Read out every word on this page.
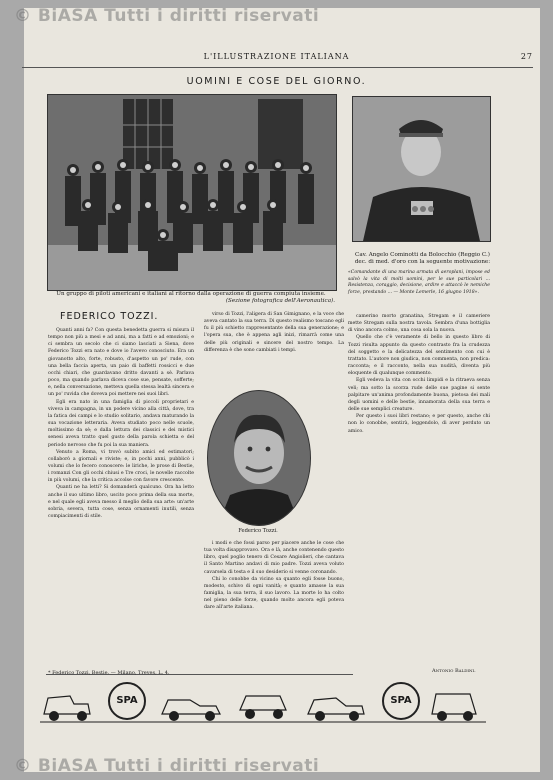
© BiASA Tutti i diritti riservati
L'ILLUSTRAZIONE ITALIANA	27
UOMINI E COSE DEL GIORNO.
Un gruppo di piloti americani e italiani al ritorno dalla operazione di guerra compiuta insieme.
(Sezione fotografica dell'Aeronautica).
Cav. Angelo Cominotti da Bolocchio (Reggio C.)
dec. di med. d'oro con la seguente motivazione:
«Comandante di una marina armata di aeroplani, impose ed salvò la vita di molti uomini, per le sue particolari ... Resistenza, coraggio, decisione, ardire e attaccò le nemiche forze, prestando ... — Monte Lemerle, 16 giugno 1918».
FEDERICO TOZZI.

Quanti anni fa? Con questa benedetta guerra si misura il tempo non più a mesi e ad anni, ma a fatti e ad emozioni; e ci sembra un secolo che ci siamo lasciati a Siena, dove Federico Tozzi era nato e dove io l'avevo conosciuto. Era un giovanotto alto, forte, robusto, d'aspetto un po' rude, con una bella faccia aperta, un paio di baffetti rossicci e due occhi chiari, che guardavano dritto davanti a sè. Parlava poco, ma quando parlava diceva cose sue, pensate, sofferte; e, nella conversazione, metteva quella stessa lealtà sincera e un po' ruvida che doveva poi mettere nei suoi libri.

Egli era nato in una famiglia di piccoli proprietari e viveva in campagna, in un podere vicino alla città, dove, tra la fatica dei campi e lo studio solitario, andava maturando la sua vocazione letteraria. Aveva studiato poco nelle scuole, moltissimo da sè; e dalla lettura dei classici e dei mistici senesi aveva tratto quel gusto della parola schietta e del periodo nervoso che fu poi la sua maniera.

Venuto a Roma, vi trovò subito amici ed estimatori; collaborò a giornali e riviste; e, in pochi anni, pubblicò i volumi che lo fecero conoscere: le liriche, le prose di Bestie, i romanzi Con gli occhi chiusi e Tre croci, le novelle raccolte in più volumi, che la critica accolse con favore crescente.

Quanti ne ha letti? Si domanderà qualcuno. Ora ha letto anche il suo ultimo libro, uscito poco prima della sua morte, e nel quale egli aveva messo il meglio della sua arte: un'arte sobria, severa, tutta cose, senza ornamenti inutili, senza compiacimenti di stile.

virso di Tozzi, l'aligera di San Gimignano, e la voce che aveva cantato la sua terra. Di questo realismo toscano egli fu il più schietto rappresentante della sua generazione; e l'opera sua, che è appena agli inizi, rimarrà come una delle più originali e sincere del nostro tempo. La differenza è che sono cambiati i tempi.

Federico Tozzi.

i modi e che fossi parso per piacere anche le cose che tua volta disapprovavo. Ora e là, anche contenendo questo libro, quel poglio tenero di Cesare Angiolieri, che cantava il Santo Martino andavi di mio padre. Tozzi aveva voluto cavarsela di testa e il suo desiderio si venne coronando.

Chi lo conobbe da vicino sa quanto egli fosse buono, modesto, schivo di ogni vanità; e quanto amasse la sua famiglia, la sua terra, il suo lavoro. La morte lo ha colto nel pieno delle forze, quando molto ancora egli poteva dare all'arte italiana.

camerino morto granatina, Stregam e il cameriere mette Stregam sulla nostra tavola. Sembra d'una bottiglia di vino ancora colmo, una cosa sola la nuova.

Quello che c'è veramente di bello in questo libro di Tozzi risulta appunto da questo contrasto fra la crudezza del soggetto e la delicatezza del sentimento con cui è trattato. L'autore non giudica, non commenta, non predica: racconta; e il racconto, nella sua nudità, diventa più eloquente di qualunque commento.

Egli vedeva la vita con occhi limpidi e la ritraeva senza veli; ma sotto la scorza rude delle sue pagine si sente palpitare un'anima profondamente buona, pietosa dei mali degli uomini e delle bestie, innamorata della sua terra e delle sue semplici creature.

Per questo i suoi libri restano; e per questo, anche chi non lo conobbe, sentirà, leggendolo, di aver perduto un amico.

Antonio Baldini.
* Federico Tozzi, Bestie. — Milano, Treves, L. 4.
SPA	SPA
© BiASA Tutti i diritti riservati
